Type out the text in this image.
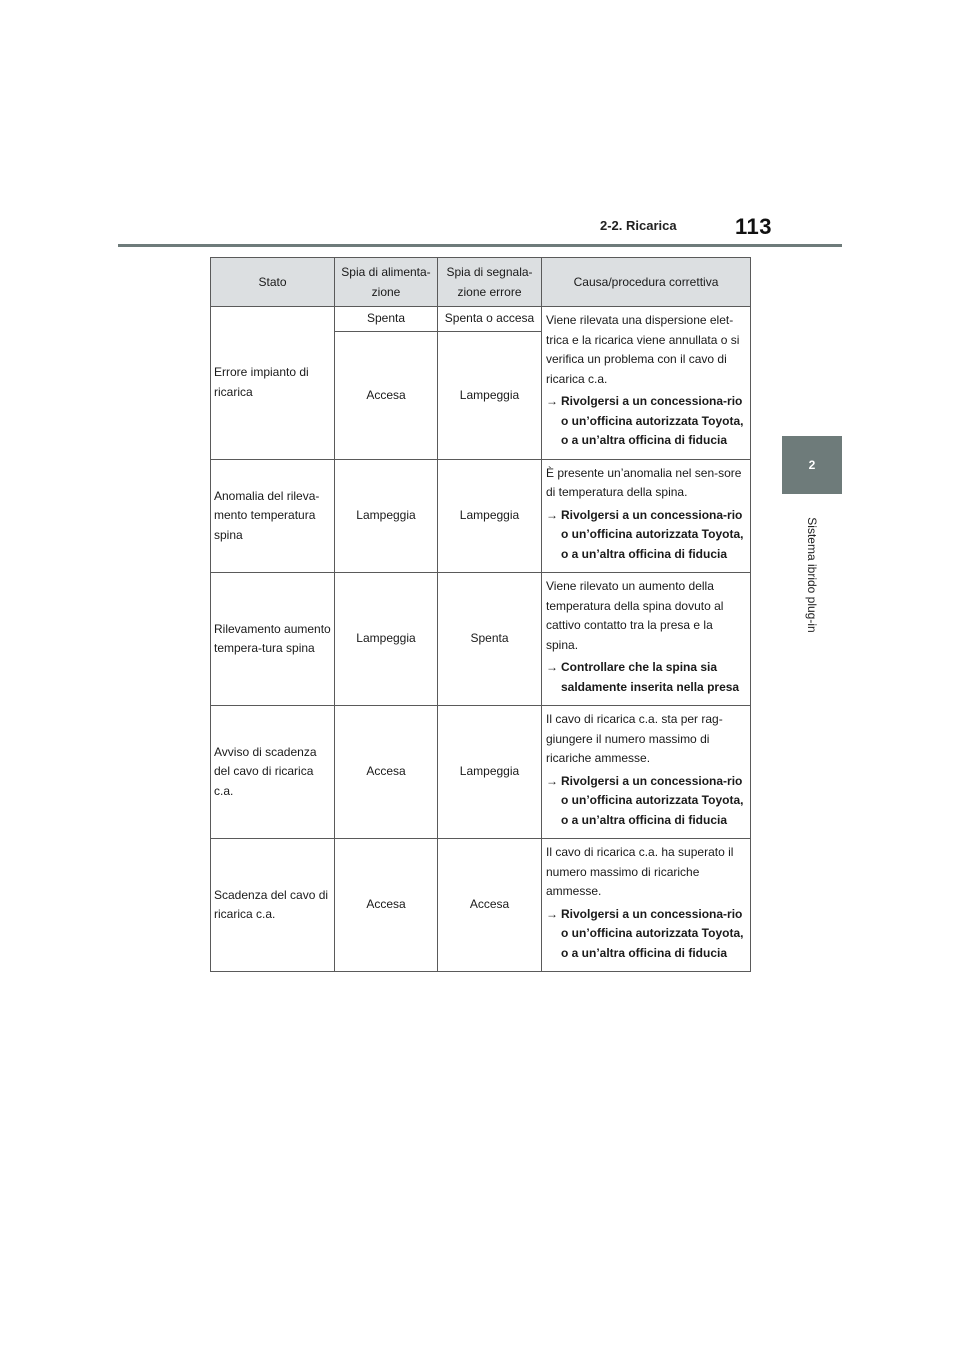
2-2. Ricarica	113
2
Sistema ibrido plug-in
Stato	Spia di alimenta-zione	Spia di segnala-zione errore	Causa/procedura correttiva
Errore impianto di ricarica	Spenta	Spenta o accesa	Viene rilevata una dispersione elet-trica e la ricarica viene annullata o si verifica un problema con il cavo di ricarica c.a.
→ Rivolgersi a un concessiona-rio o un’officina autorizzata Toyota, o a un’altra officina di fiducia

	Accesa	Lampeggia	
Anomalia del rileva-mento temperatura spina	Lampeggia	Lampeggia	È presente un’anomalia nel sen-sore di temperatura della spina.
→ Rivolgersi a un concessiona-rio o un’officina autorizzata Toyota, o a un’altra officina di fiducia

Rilevamento aumento tempera-tura spina	Lampeggia	Spenta	Viene rilevato un aumento della temperatura della spina dovuto al cattivo contatto tra la presa e la spina.
→ Controllare che la spina sia saldamente inserita nella presa

Avviso di scadenza del cavo di ricarica c.a.	Accesa	Lampeggia	Il cavo di ricarica c.a. sta per rag-giungere il numero massimo di ricariche ammesse.
→ Rivolgersi a un concessiona-rio o un’officina autorizzata Toyota, o a un’altra officina di fiducia

Scadenza del cavo di ricarica c.a.	Accesa	Accesa	Il cavo di ricarica c.a. ha superato il numero massimo di ricariche ammesse.
→ Rivolgersi a un concessiona-rio o un’officina autorizzata Toyota, o a un’altra officina di fiducia
